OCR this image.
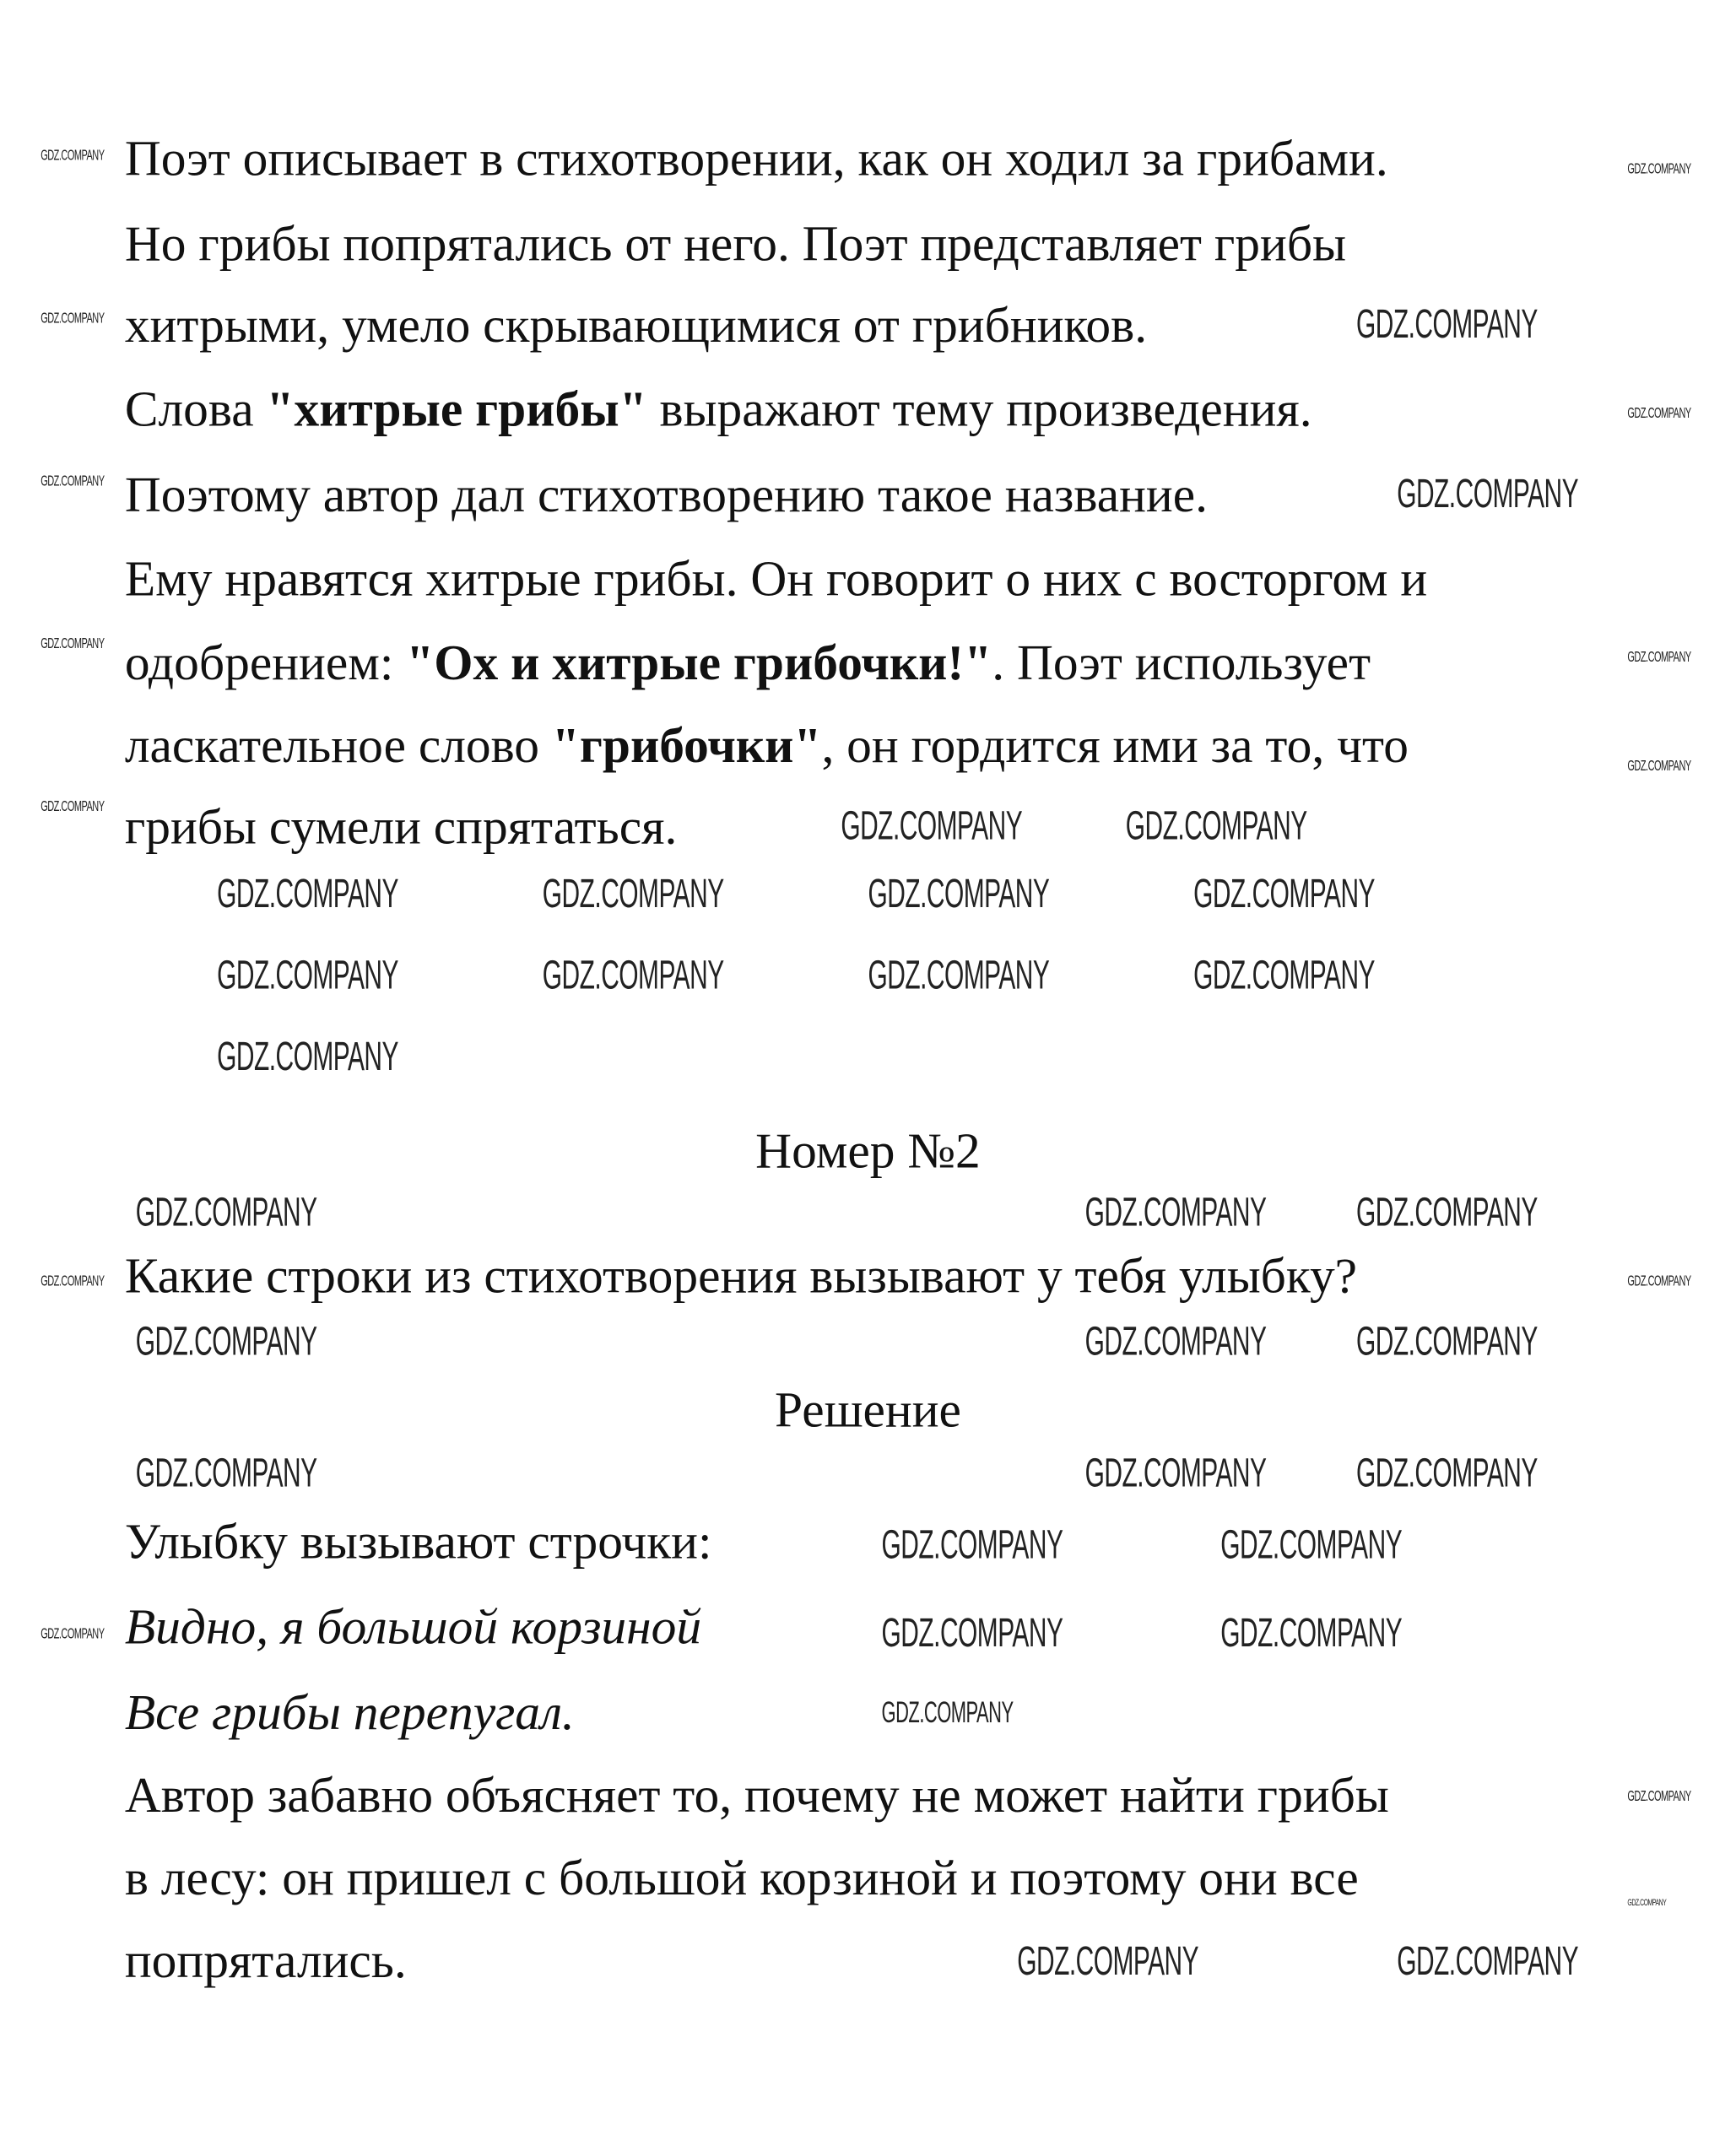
Поэт описывает в стихотворении, как он ходил за грибами.
Но грибы попрятались от него. Поэт представляет грибы
хитрыми, умело скрывающимися от грибников.
Слова "хитрые грибы" выражают тему произведения.
Поэтому автор дал стихотворению такое название.
Ему нравятся хитрые грибы. Он говорит о них с восторгом и
одобрением: "Ох и хитрые грибочки!". Поэт использует
ласкательное слово "грибочки", он гордится ими за то, что
грибы сумели спрятаться.
Номер №2
Какие строки из стихотворения вызывают у тебя улыбку?
Решение
Улыбку вызывают строчки:
Видно, я большой корзиной
Все грибы перепугал.
Автор забавно объясняет то, почему не может найти грибы
в лесу: он пришел с большой корзиной и поэтому они все
попрятались.
GDZ.COMPANY
GDZ.COMPANY
GDZ.COMPANY	GDZ.COMPANY
GDZ.COMPANY	GDZ.COMPANY	GDZ.COMPANY	GDZ.COMPANY
GDZ.COMPANY	GDZ.COMPANY	GDZ.COMPANY	GDZ.COMPANY
GDZ.COMPANY
GDZ.COMPANY	GDZ.COMPANY
GDZ.COMPANY	GDZ.COMPANY	GDZ.COMPANY
GDZ.COMPANY	GDZ.COMPANY	GDZ.COMPANY
GDZ.COMPANY	GDZ.COMPANY	GDZ.COMPANY
GDZ.COMPANY	GDZ.COMPANY
GDZ.COMPANY	GDZ.COMPANY
GDZ.COMPANY
GDZ.COMPANY
GDZ.COMPANY
GDZ.COMPANY
GDZ.COMPANY
GDZ.COMPANY
GDZ.COMPANY
GDZ.COMPANY
GDZ.COMPANY
GDZ.COMPANY
GDZ.COMPANY
GDZ.COMPANY
GDZ.COMPANY
GDZ.COMPANY
GDZ.COMPANY
